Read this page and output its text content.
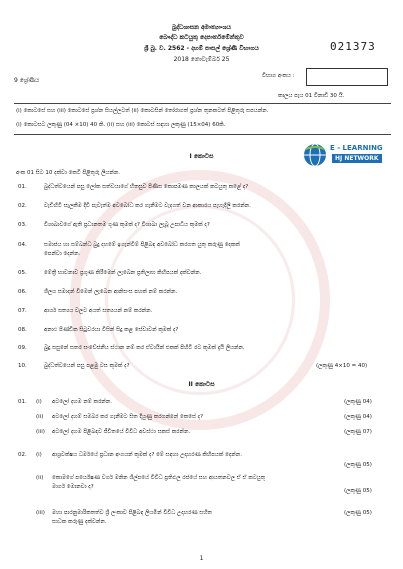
බුද්ධශාසන අමාත්‍යාංශය
බෞද්ධ කටයුතු දෙපාර්තමේන්තුව
ශ්‍රී බු. ව. 2562 - දහම් පාසල් ශ්‍රේණි විභාගය
2018 නොවැම්බර් 25
021373
9 ශ්‍රේණිය
විභාග අංකය :
කාලය පැය 01 විනාඩි 30 යි.
(i) කොටසේ සහ (iii) කොටසේ ප්‍රශ්න සියල්ලටත් (ii) කොටසින් තෝරාගත් ප්‍රශ්න තුනකටත් පිළිතුරු සපයන්න.
(i) කොටසට ලකුණු (04 ×10) 40 කි. (ii) සහ (iii) කොටස් සඳහා ලකුණු (15×04) 60කි.
E - LEARNING
HJ NETWORK
I කොටස
අංක 01 සිට 10 දක්වා කෙටි පිළිතුරු ලියන්න.
01.	බුද්ධත්වයෙන් පසු ලෝක සත්වයාගේ හිතසුව පිණිස කොපමණ කාලයක් කටයුතු කළේ ද?
02.	වැඩිහිටි සැලකීම දිවි පැවැත්ම අවබෝධ කර ගැනීමට වැදගත් වන ආකාරය පැහැදිලි කරන්න.
03.	විශාඛාවගේ ඇති ප්‍රධානතම ගුණ කුමක් ද? විශාඛා ලැබූ උපාධිය කුමක් ද?
04.	සමාජය හා සම්බන්ධ බුදු දහමේ ඉගැන්වීම් පිළිබඳ අවබෝධ කරගත යුතු කරුණු දෙකක්
පෙන්වා දෙන්න.
05.	මේත්‍රී භාවනාව ප්‍රගුණ කිරීමෙන් ලැබෙන ප්‍රතිලාභ කිහිපයක් දක්වන්න.
06.	ශීලය සමාදන් වීමෙන් ලැබෙන ආනිසංස පහක් නම් කරන්න.
07.	ආර්ය සත්‍යය වලට අයත් සත්‍යයන් නම් කරන්න.
08.	අනාථ පිණ්ඩික සිටුවරයා විසින් සිදු කළ සේවාවන් කුමක් ද?
09.	බුදු සසුනේ සතර සංවේජනීය ස්ථාන නම් කර ඒවායින් එකක් පිහිටි රට කුමක් දැයි ලියන්න.
10.	බුද්ධත්වයෙන් පසු පළමු වස කුමක් ද?	(ලකුණු 4×10 = 40)
II කොටස
01.	(i) අටලෝ දහම නම් කරන්න.	(ලකුණු 04)
(ii) අටලෝ දහම් සමබර කර ගැනීමට සිත දියුණු කරගන්නේ කෙසේ ද?	(ලකුණු 04)
(iii) අටලෝ දහම පිළිබඳව ජීවිතයේ විවිධ අවස්ථා සකස් කරන්න.	(ලකුණු 07)
02.	(i) ආශ්‍රවක්ෂය ධර්මයේ ප්‍රධාන අංගයන් කුමක් ද? මේ සඳහා උදාහරණ කිහිපයක් දෙන්න.
(ලකුණු 05)
(ii) කොමගේ පර්යේෂණ වර්ග මනින ශිල්පයේ විවිධ ප්‍රතිඵල රජයේ සහ ආයතනවල ඒ ඒ කටයුතු
මාර්ග මොනවා ද?
(ලකුණු 05)
(iii) මහා පාරනුමාරිකතත්ව ශ්‍රී ලංකාව පිළිබඳ ලියමින් විවිධ උදාහරණ සහිත
සාධක කරුණු දක්වන්න.
(ලකුණු 05)
1
